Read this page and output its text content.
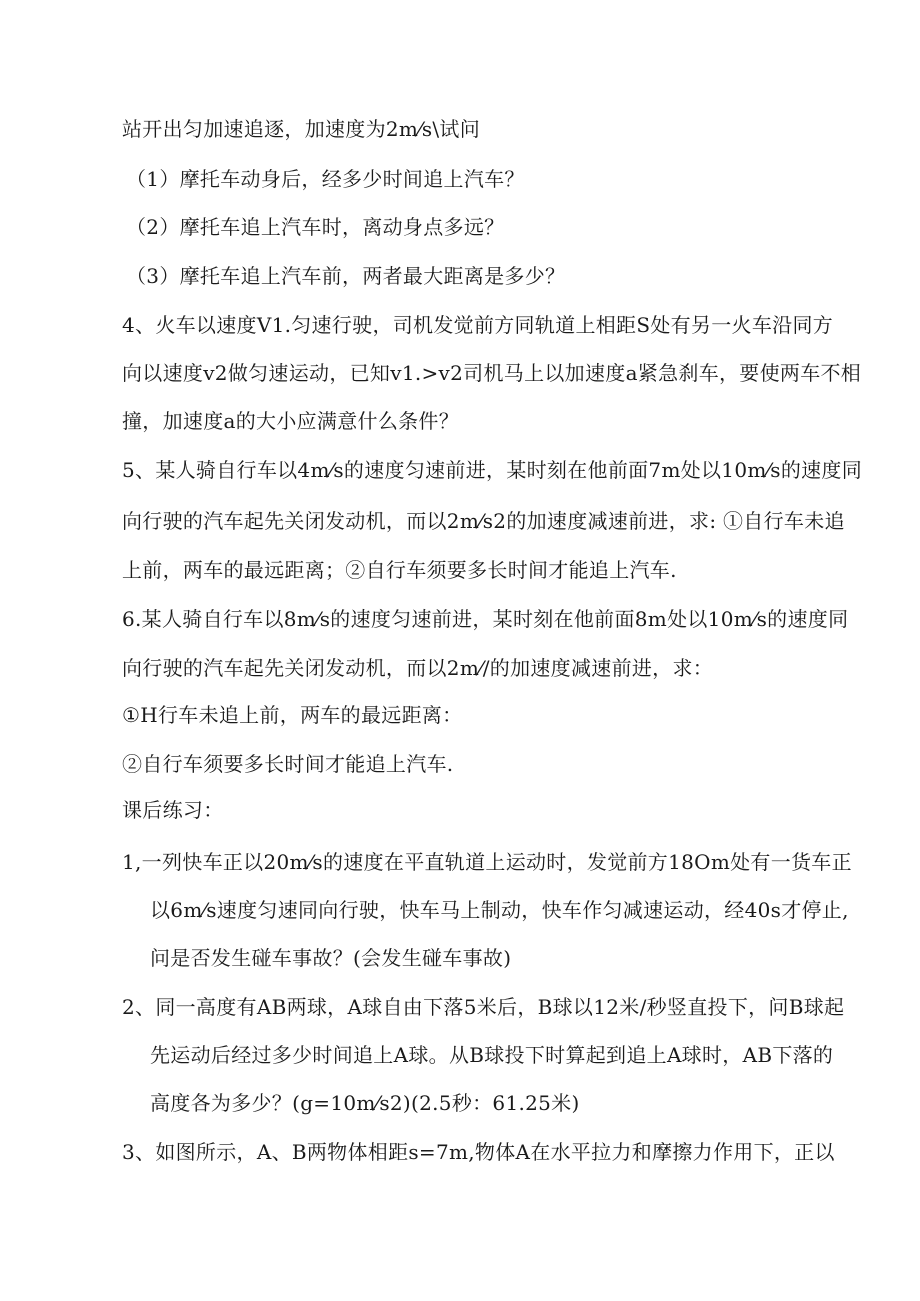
站开出匀加速追逐，加速度为2m⁄s\试问
（1）摩托车动身后，经多少时间追上汽车？
（2）摩托车追上汽车时，离动身点多远？
（3）摩托车追上汽车前，两者最大距离是多少？
4、火车以速度V1.匀速行驶，司机发觉前方同轨道上相距S处有另一火车沿同方
向以速度v2做匀速运动，已知v1.>v2司机马上以加速度a紧急刹车，要使两车不相
撞，加速度a的大小应满意什么条件？
5、某人骑自行车以4m⁄s的速度匀速前进，某时刻在他前面7m处以10m⁄s的速度同
向行驶的汽车起先关闭发动机，而以2m⁄s2的加速度减速前进，求: ①自行车未追
上前，两车的最远距离；②自行车须要多长时间才能追上汽车.
6.某人骑自行车以8m⁄s的速度匀速前进，某时刻在他前面8m处以10m⁄s的速度同
向行驶的汽车起先关闭发动机，而以2m⁄/的加速度减速前进，求：
①H行车未追上前，两车的最远距离：
②自行车须要多长时间才能追上汽车.
课后练习：
1,一列快车正以20m⁄s的速度在平直轨道上运动时，发觉前方18Om处有一货车正
以6m⁄s速度匀速同向行驶，快车马上制动，快车作匀减速运动，经40s才停止,
问是否发生碰车事故？(会发生碰车事故)
2、同一高度有AB两球，A球自由下落5米后，B球以12米/秒竖直投下，问B球起
先运动后经过多少时间追上A球。从B球投下时算起到追上A球时，AB下落的
高度各为多少？(g=10m⁄s2)(2.5秒：61.25米)
3、如图所示，A、B两物体相距s=7m,物体A在水平拉力和摩擦力作用下，正以
